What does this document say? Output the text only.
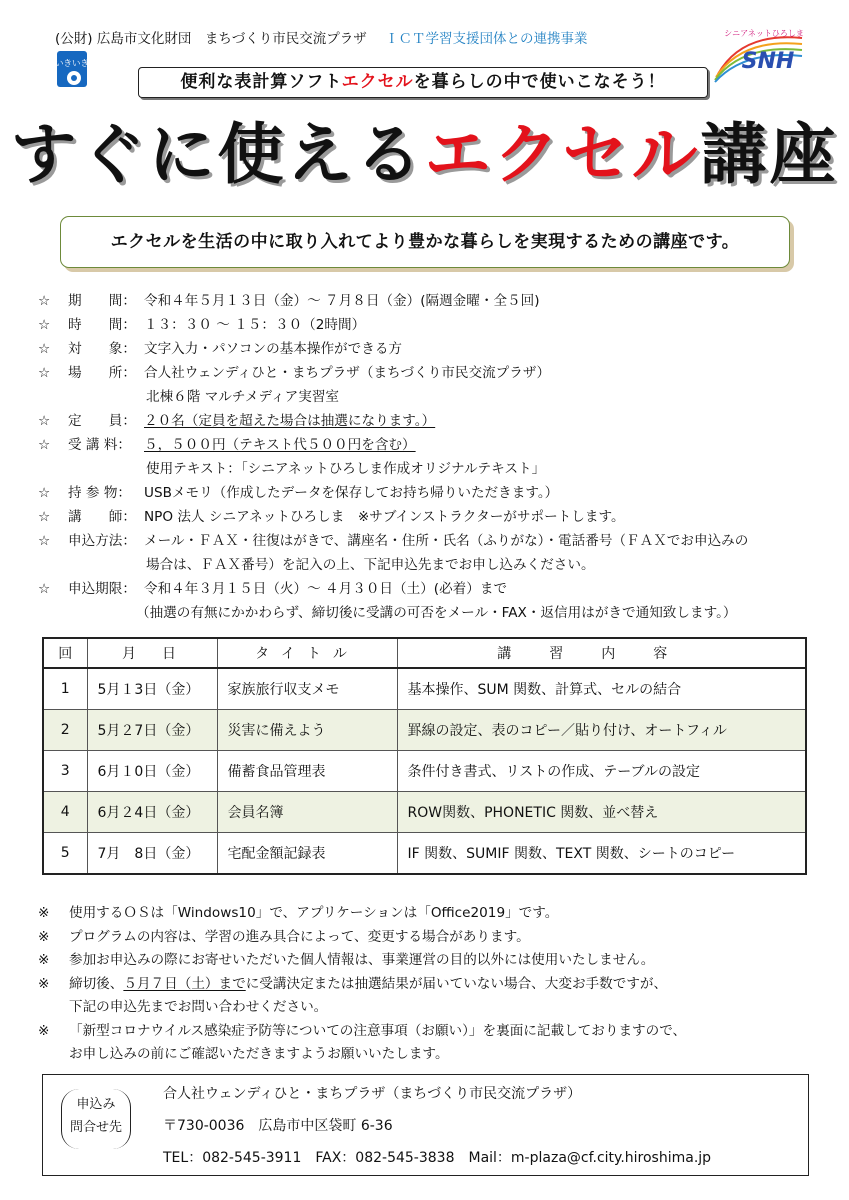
(公財) 広島市文化財団　まちづくり市民交流プラザ ＩＣＴ学習支援団体との連携事業
いきいき
シニアネットひろしま
SNH
便利な表計算ソフトエクセルを暮らしの中で使いこなそう！
すぐに使えるエクセル講座
エクセルを生活の中に取り入れてより豊かな暮らしを実現するための講座です。
☆	期　　間： 令和４年５月１３日（金）～ ７月８日（金）(隔週金曜・全５回)
☆	時　　間： １３：３０ ～ １５：３０（2時間）
☆	対　　象： 文字入力・パソコンの基本操作ができる方
☆	場　　所： 合人社ウェンディひと・まちプラザ（まちづくり市民交流プラザ）
北棟６階 マルチメディア実習室
☆	定　　員： ２０名（定員を超えた場合は抽選になります。）
☆	受 講 料： ５，５００円（テキスト代５００円を含む）
使用テキスト：「シニアネットひろしま作成オリジナルテキスト」
☆	持 参 物： USBメモリ（作成したデータを保存してお持ち帰りいただきます。）
☆	講　　師： NPO 法人 シニアネットひろしま　※サブインストラクターがサポートします。
☆	申込方法： メール・ＦＡＸ・往復はがきで、講座名・住所・氏名（ふりがな）・電話番号（ＦＡＸでお申込みの
場合は、ＦＡＸ番号）を記入の上、下記申込先までお申し込みください。
☆	申込期限： 令和４年３月１５日（火）～ ４月３０日（土）(必着）まで
（抽選の有無にかかわらず、締切後に受講の可否をメール・FAX・返信用はがきで通知致します。）
回	月　日	タイトル	講習内容
1	5月１3日（金）	家族旅行収支メモ	基本操作、SUM 関数、計算式、セルの結合
2	5月２7日（金）	災害に備えよう	罫線の設定、表のコピー／貼り付け、オートフィル
3	6月１0日（金）	備蓄食品管理表	条件付き書式、リストの作成、テーブルの設定
4	6月２4日（金）	会員名簿	ROW関数、PHONETIC 関数、並べ替え
5	7月　8日（金）	宅配金額記録表	IF 関数、SUMIF 関数、TEXT 関数、シートのコピー
※ 使用するＯＳは「Windows10」で、アプリケーションは「Office2019」です。
※ プログラムの内容は、学習の進み具合によって、変更する場合があります。
※ 参加お申込みの際にお寄せいただいた個人情報は、事業運営の目的以外には使用いたしません。
※ 締切後、５月７日（土）までに受講決定または抽選結果が届いていない場合、大変お手数ですが、
下記の申込先までお問い合わせください。
※ 「新型コロナウイルス感染症予防等についての注意事項（お願い）」を裏面に記載しておりますので、
お申し込みの前にご確認いただきますようお願いいたします。
申込み
問合せ先
合人社ウェンディひと・まちプラザ（まちづくり市民交流プラザ）
〒730-0036　広島市中区袋町 6-36
TEL：082-545-3911　FAX：082-545-3838　Mail：m-plaza@cf.city.hiroshima.jp
